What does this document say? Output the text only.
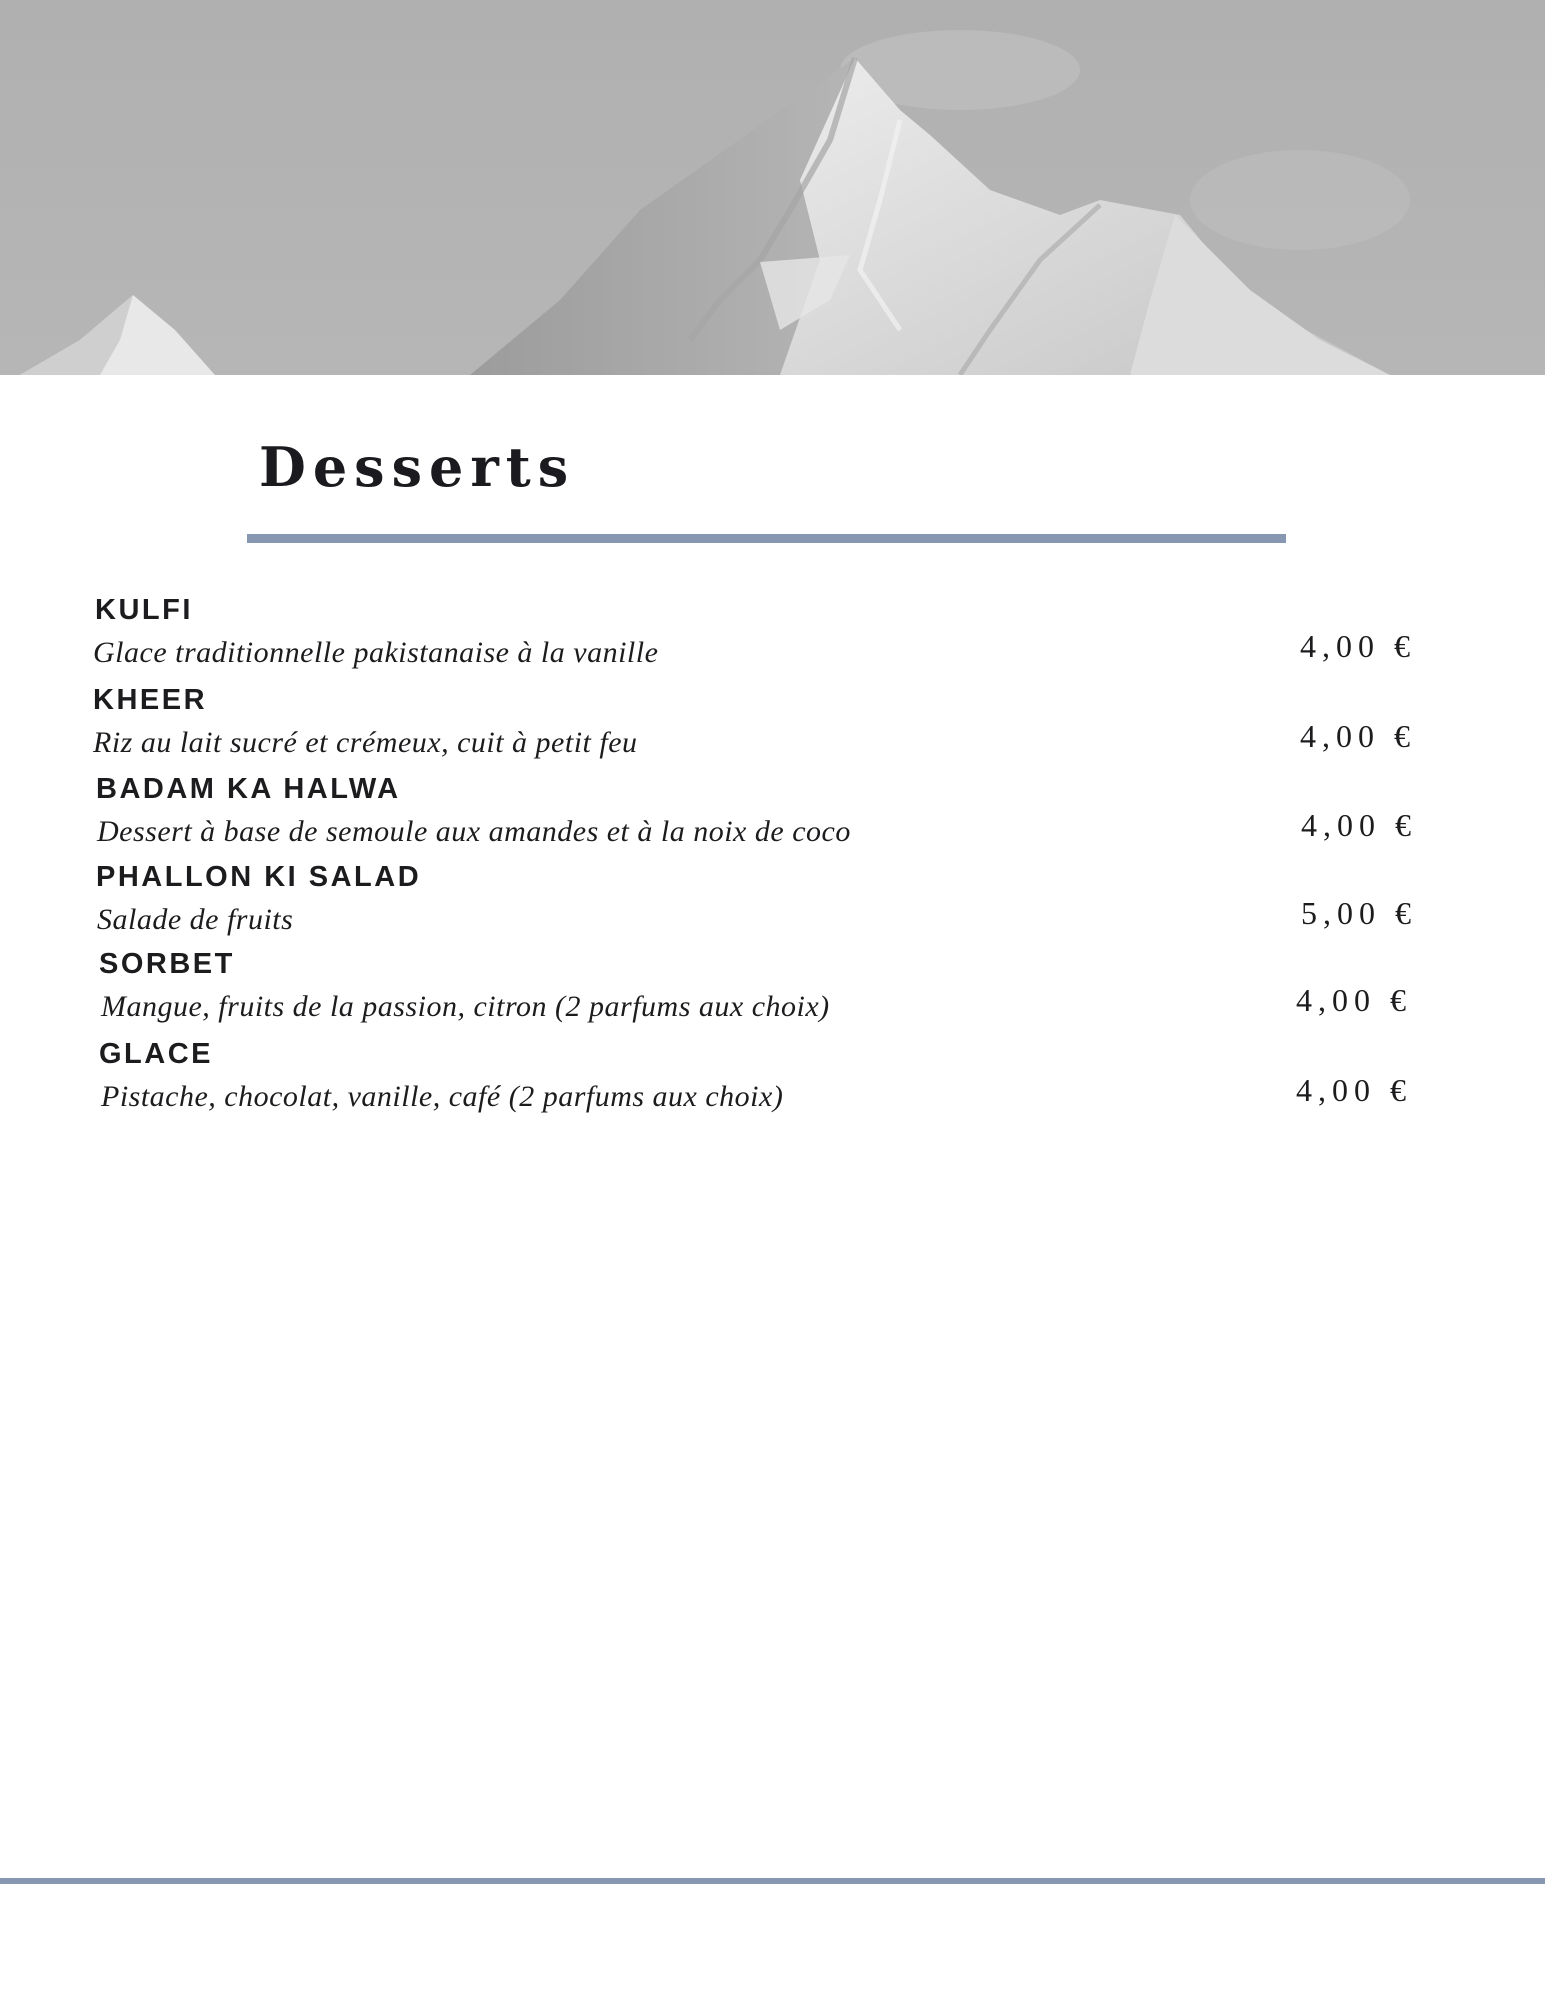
Desserts
KULFI
Glace traditionnelle pakistanaise à la vanille	4,00 €
KHEER
Riz au lait sucré et crémeux, cuit à petit feu	4,00 €
BADAM KA HALWA
Dessert à base de semoule aux amandes et à la noix de coco	4,00 €
PHALLON KI SALAD
Salade de fruits	5,00 €
SORBET
Mangue, fruits de la passion, citron (2 parfums aux choix)	4,00 €
GLACE
Pistache, chocolat, vanille, café (2 parfums aux choix)	4,00 €
